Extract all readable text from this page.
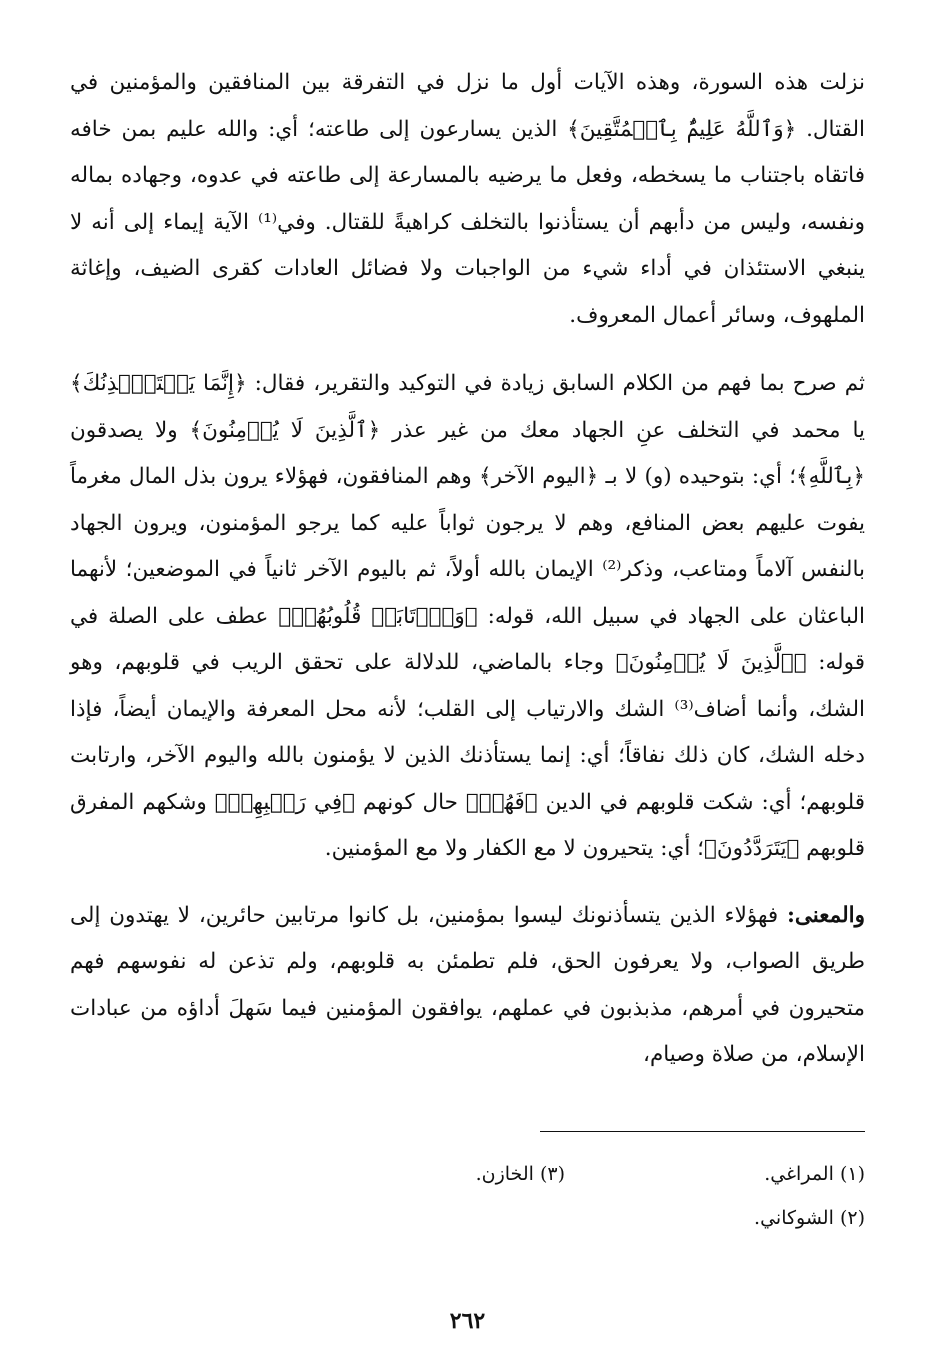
نزلت هذه السورة، وهذه الآيات أول ما نزل في التفرقة بين المنافقين والمؤمنين في القتال. ﴿وَٱللَّهُ عَلِيمٌۢ بِٱلۡمُتَّقِينَ﴾ الذين يسارعون إلى طاعته؛ أي: والله عليم بمن خافه فاتقاه باجتناب ما يسخطه، وفعل ما يرضيه بالمسارعة إلى طاعته في عدوه، وجهاده بماله ونفسه، وليس من دأبهم أن يستأذنوا بالتخلف كراهيةً للقتال. وفي⁽¹⁾ الآية إيماء إلى أنه لا ينبغي الاستئذان في أداء شيء من الواجبات ولا فضائل العادات كقرى الضيف، وإغاثة الملهوف، وسائر أعمال المعروف.

ثم صرح بما فهم من الكلام السابق زيادة في التوكيد والتقرير، فقال: ﴿إِنَّمَا يَسۡتَـٔۡذِنُكَ﴾ يا محمد في التخلف عنِ الجهاد معك من غير عذر ﴿ٱلَّذِينَ لَا يُؤۡمِنُونَ﴾ ولا يصدقون ﴿بِٱللَّهِ﴾؛ أي: بتوحيده (و) لا بـ ﴿اليوم الآخر﴾ وهم المنافقون، فهؤلاء يرون بذل المال مغرماً يفوت عليهم بعض المنافع، وهم لا يرجون ثواباً عليه كما يرجو المؤمنون، ويرون الجهاد بالنفس آلاماً ومتاعب، وذكر⁽²⁾ الإيمان بالله أولاً، ثم باليوم الآخر ثانياً في الموضعين؛ لأنهما الباعثان على الجهاد في سبيل الله، قوله: ﴿وَٱرۡتَابَتۡ قُلُوبُهُمۡ﴾ عطف على الصلة في قوله: ﴿ٱلَّذِينَ لَا يُؤۡمِنُونَ﴾ وجاء بالماضي، للدلالة على تحقق الريب في قلوبهم، وهو الشك، وأنما أضاف⁽³⁾ الشك والارتياب إلى القلب؛ لأنه محل المعرفة والإيمان أيضاً، فإذا دخله الشك، كان ذلك نفاقاً؛ أي: إنما يستأذنك الذين لا يؤمنون بالله واليوم الآخر، وارتابت قلوبهم؛ أي: شكت قلوبهم في الدين ﴿فَهُمۡ﴾ حال كونهم ﴿فِي رَيۡبِهِمۡ﴾ وشكهم المفرق قلوبهم ﴿يَتَرَدَّدُونَ﴾؛ أي: يتحيرون لا مع الكفار ولا مع المؤمنين.

والمعنى: فهؤلاء الذين يتسأذنونك ليسوا بمؤمنين، بل كانوا مرتابين حائرين، لا يهتدون إلى طريق الصواب، ولا يعرفون الحق، فلم تطمئن به قلوبهم، ولم تذعن له نفوسهم فهم متحيرون في أمرهم، مذبذبون في عملهم، يوافقون المؤمنين فيما سَهلَ أداؤه من عبادات الإسلام، من صلاة وصيام،

(١) المراغي.
(٣) الخازن.
(٢) الشوكاني.
٢٦٢
